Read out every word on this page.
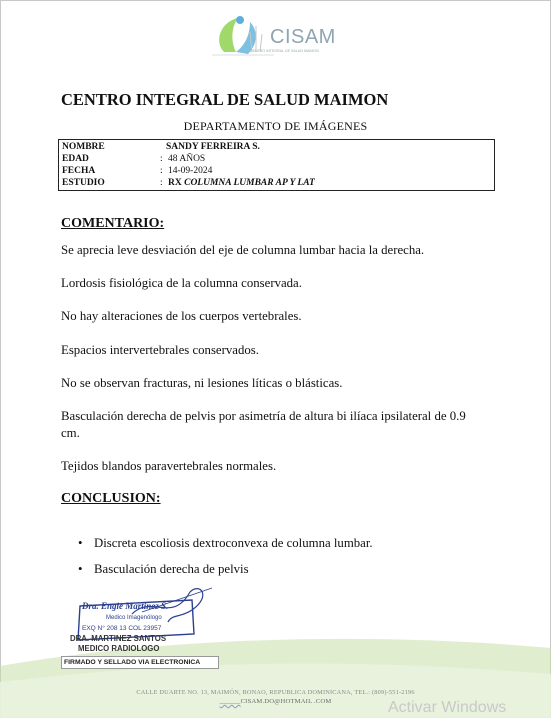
CISAM
CENTRO INTEGRAL DE SALUD MAIMON
CENTRO INTEGRAL DE SALUD MAIMON
DEPARTAMENTO DE IMÁGENES
NOMBRE	SANDY FERREIRA S.
EDAD	: 48 AÑOS
FECHA	: 14-09-2024
ESTUDIO	: RX COLUMNA LUMBAR AP Y LAT
COMENTARIO:
Se aprecia leve desviación del eje de columna lumbar hacia la derecha.
Lordosis fisiológica de la columna conservada.
No hay alteraciones de los cuerpos vertebrales.
Espacios intervertebrales conservados.
No se observan fracturas, ni lesiones líticas o blásticas.
Basculación derecha de pelvis por asimetría de altura bi ilíaca ipsilateral de 0.9 cm.
Tejidos blandos paravertebrales normales.
CONCLUSION:
• Discreta escoliosis dextroconvexa de columna lumbar.
• Basculación derecha de pelvis
Dra. Engie Martinez S.
Medico Imagenólogo
EXQ N° 208 13 COL 23957
DRA. MARTINEZ SANTOS
MEDICO RADIOLOGO
FIRMADO Y SELLADO VIA ELECTRONICA
CALLE DUARTE NO. 13, MAIMÓN, BONAO, REPUBLICA DOMINICANA, TEL.: (809)-551-2196
______CISAM.DO@HOTMAIL .COM	Activar Windows
